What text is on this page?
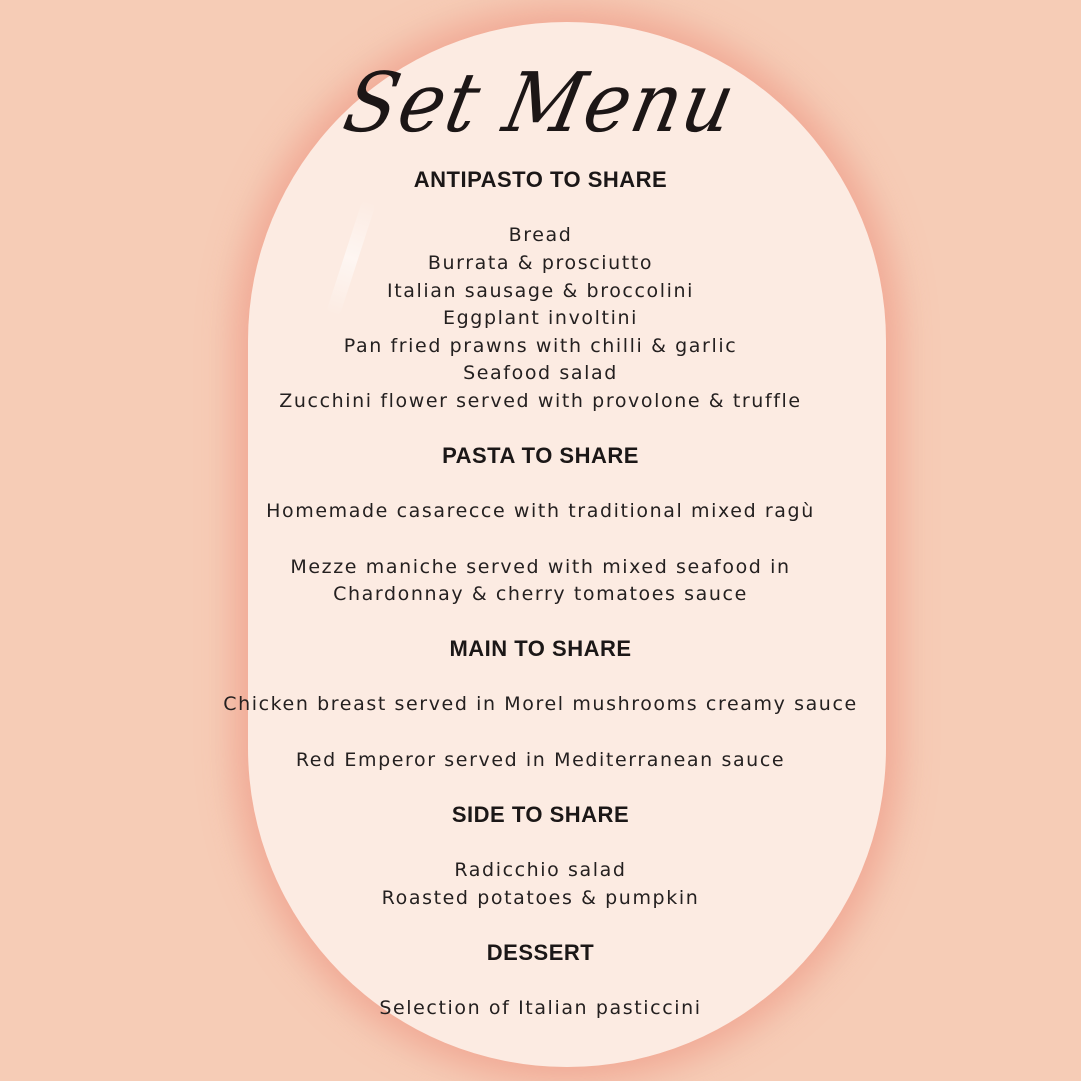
Set Menu
ANTIPASTO TO SHARE
Bread
Burrata & prosciutto
Italian sausage & broccolini
Eggplant involtini
Pan fried prawns with chilli & garlic
Seafood salad
Zucchini flower served with provolone & truffle
PASTA TO SHARE
Homemade casarecce with traditional mixed ragù
Mezze maniche served with mixed seafood in
Chardonnay & cherry tomatoes sauce
MAIN TO SHARE
Chicken breast served in Morel mushrooms creamy sauce
Red Emperor served in Mediterranean sauce
SIDE TO SHARE
Radicchio salad
Roasted potatoes & pumpkin
DESSERT
Selection of Italian pasticcini
